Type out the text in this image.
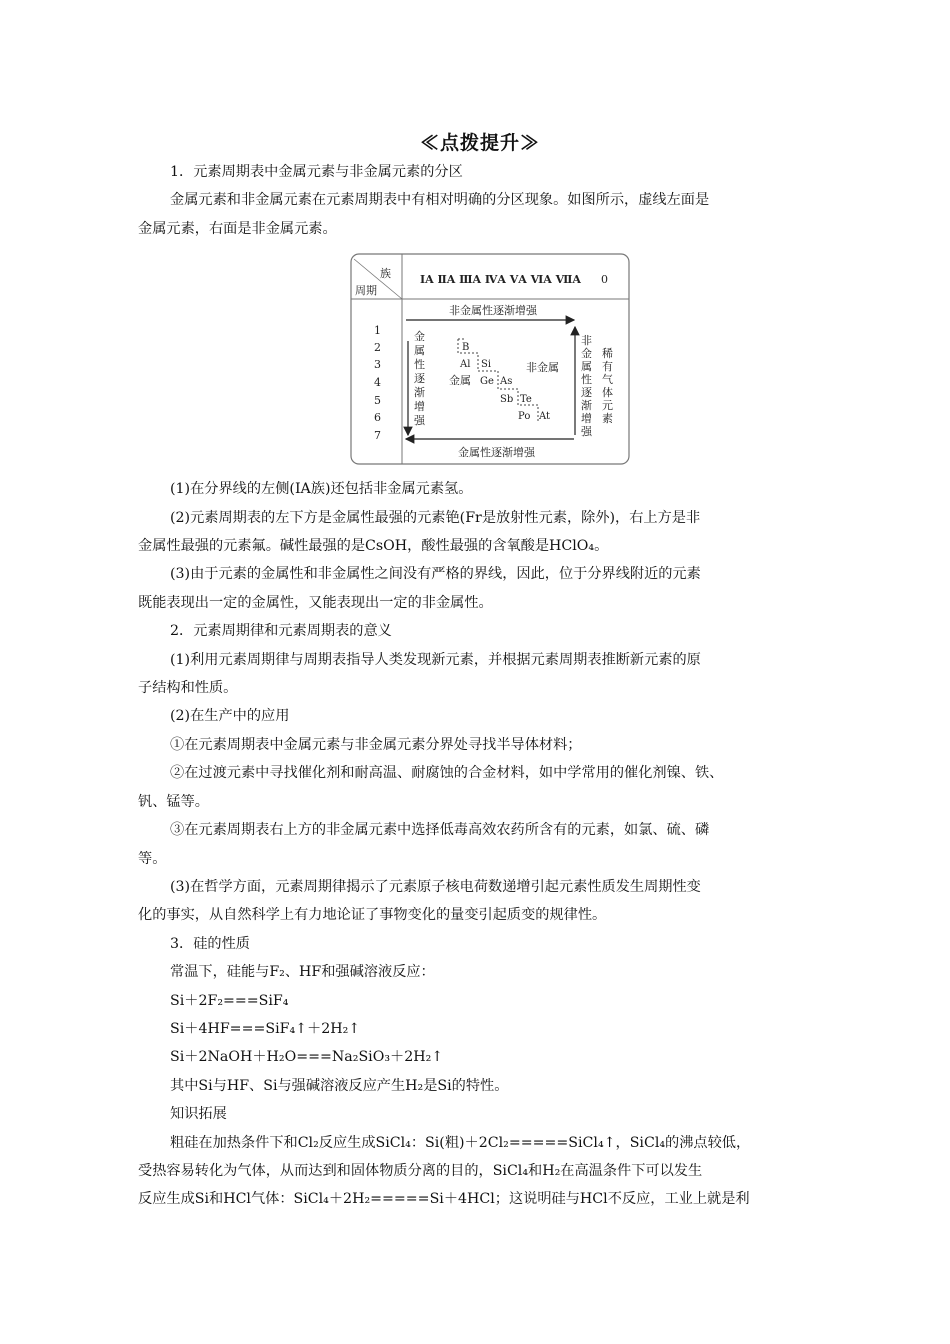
≪点拨提升≫

1．元素周期表中金属元素与非金属元素的分区

金属元素和非金属元素在元素周期表中有相对明确的分区现象。如图所示，虚线左面是

金属元素，右面是非金属元素。

族
周期
ⅠA ⅡA ⅢA ⅣA ⅤA ⅥA ⅦA 0
1
2
3
4
5
6
7
非金属性逐渐增强
金属性逐渐增强
金
属
性
逐
渐
增
强
非
金
属
性
逐
渐
增
强
稀
有
气
体
元
素
B
Al Si
Ge As
Sb Te
Po At
金属
非金属

(1)在分界线的左侧(ⅠA族)还包括非金属元素氢。

(2)元素周期表的左下方是金属性最强的元素铯(Fr是放射性元素，除外)，右上方是非

金属性最强的元素氟。碱性最强的是CsOH，酸性最强的含氧酸是HClO₄。

(3)由于元素的金属性和非金属性之间没有严格的界线，因此，位于分界线附近的元素

既能表现出一定的金属性，又能表现出一定的非金属性。

2．元素周期律和元素周期表的意义

(1)利用元素周期律与周期表指导人类发现新元素，并根据元素周期表推断新元素的原

子结构和性质。

(2)在生产中的应用

①在元素周期表中金属元素与非金属元素分界处寻找半导体材料；

②在过渡元素中寻找催化剂和耐高温、耐腐蚀的合金材料，如中学常用的催化剂镍、铁、

钒、锰等。

③在元素周期表右上方的非金属元素中选择低毒高效农药所含有的元素，如氯、硫、磷

等。

(3)在哲学方面，元素周期律揭示了元素原子核电荷数递增引起元素性质发生周期性变

化的事实，从自然科学上有力地论证了事物变化的量变引起质变的规律性。

3．硅的性质

常温下，硅能与F₂、HF和强碱溶液反应：

Si＋2F₂===SiF₄

Si＋4HF===SiF₄↑＋2H₂↑

Si＋2NaOH＋H₂O===Na₂SiO₃＋2H₂↑

其中Si与HF、Si与强碱溶液反应产生H₂是Si的特性。

知识拓展

粗硅在加热条件下和Cl₂反应生成SiCl₄：Si(粗)＋2Cl₂=====SiCl₄↑，SiCl₄的沸点较低，

受热容易转化为气体，从而达到和固体物质分离的目的，SiCl₄和H₂在高温条件下可以发生

反应生成Si和HCl气体：SiCl₄＋2H₂=====Si＋4HCl；这说明硅与HCl不反应，工业上就是利
